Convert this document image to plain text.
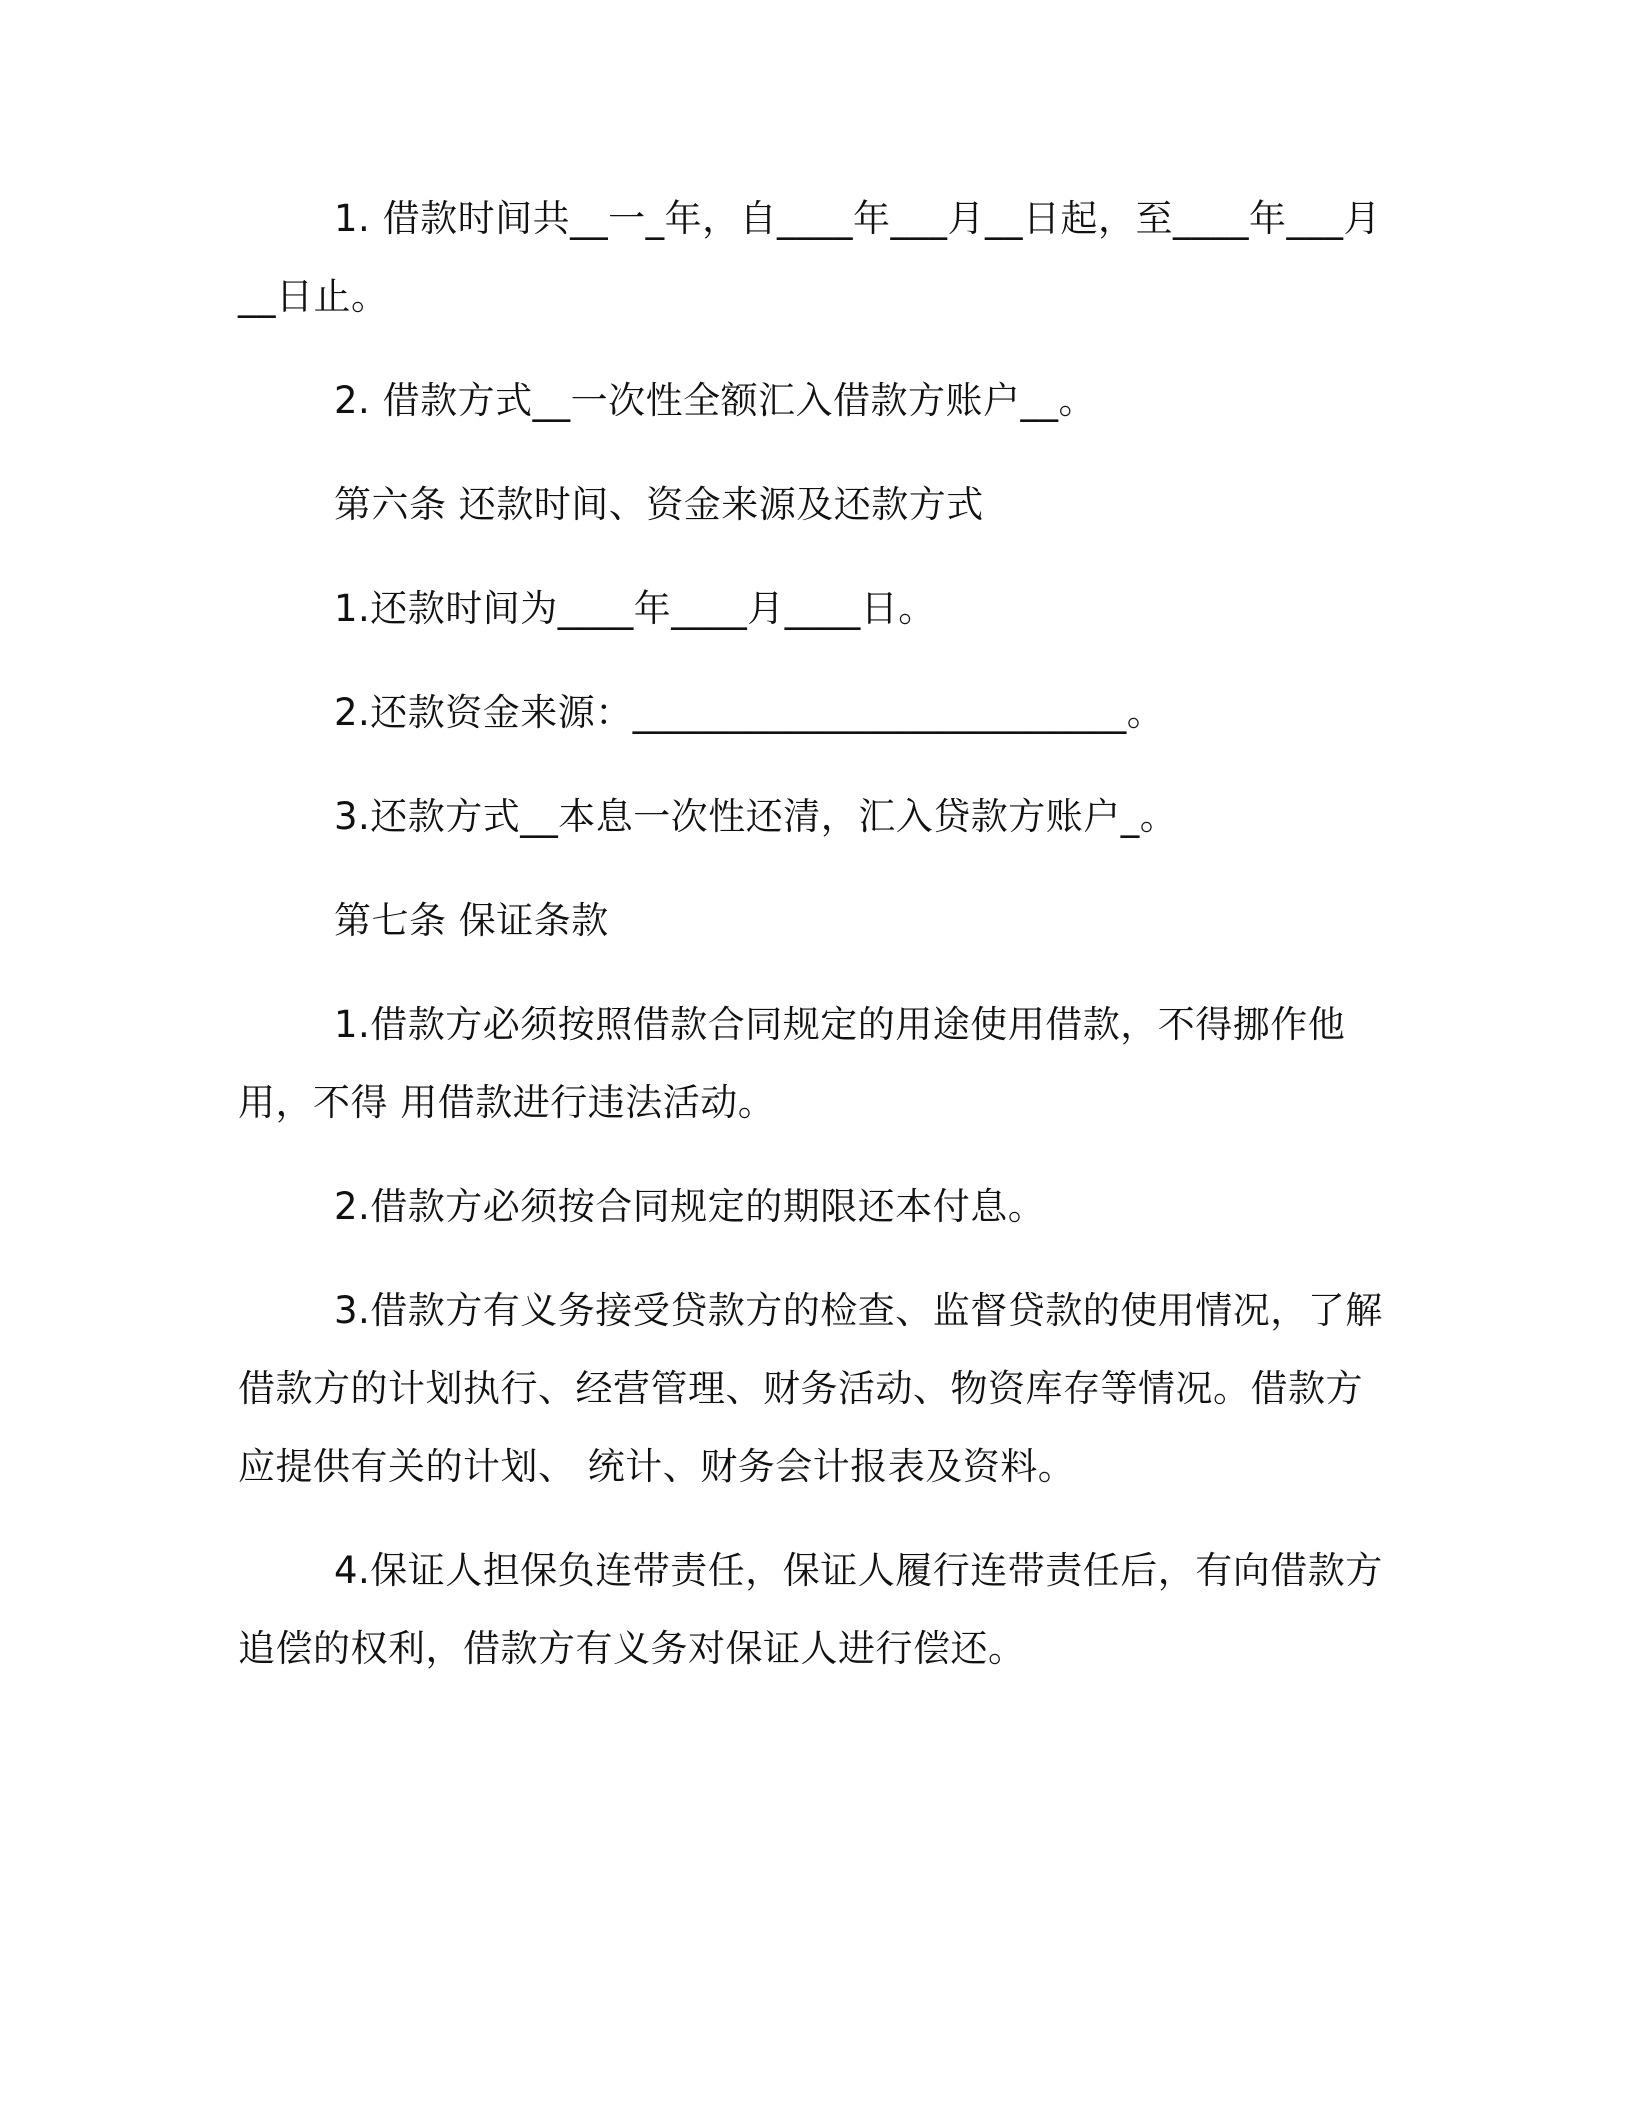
1. 借款时间共__一_年，自____年___月__日起，至____年___月__日止。

2. 借款方式__一次性全额汇入借款方账户__。

第六条 还款时间、资金来源及还款方式

1.还款时间为____年____月____日。

2.还款资金来源：__________________________。

3.还款方式__本息一次性还清，汇入贷款方账户_。

第七条 保证条款

1.借款方必须按照借款合同规定的用途使用借款，不得挪作他用，不得 用借款进行违法活动。

2.借款方必须按合同规定的期限还本付息。

3.借款方有义务接受贷款方的检查、监督贷款的使用情况，了解借款方的计划执行、经营管理、财务活动、物资库存等情况。借款方应提供有关的计划、 统计、财务会计报表及资料。

4.保证人担保负连带责任，保证人履行连带责任后，有向借款方追偿的权利，借款方有义务对保证人进行偿还。
